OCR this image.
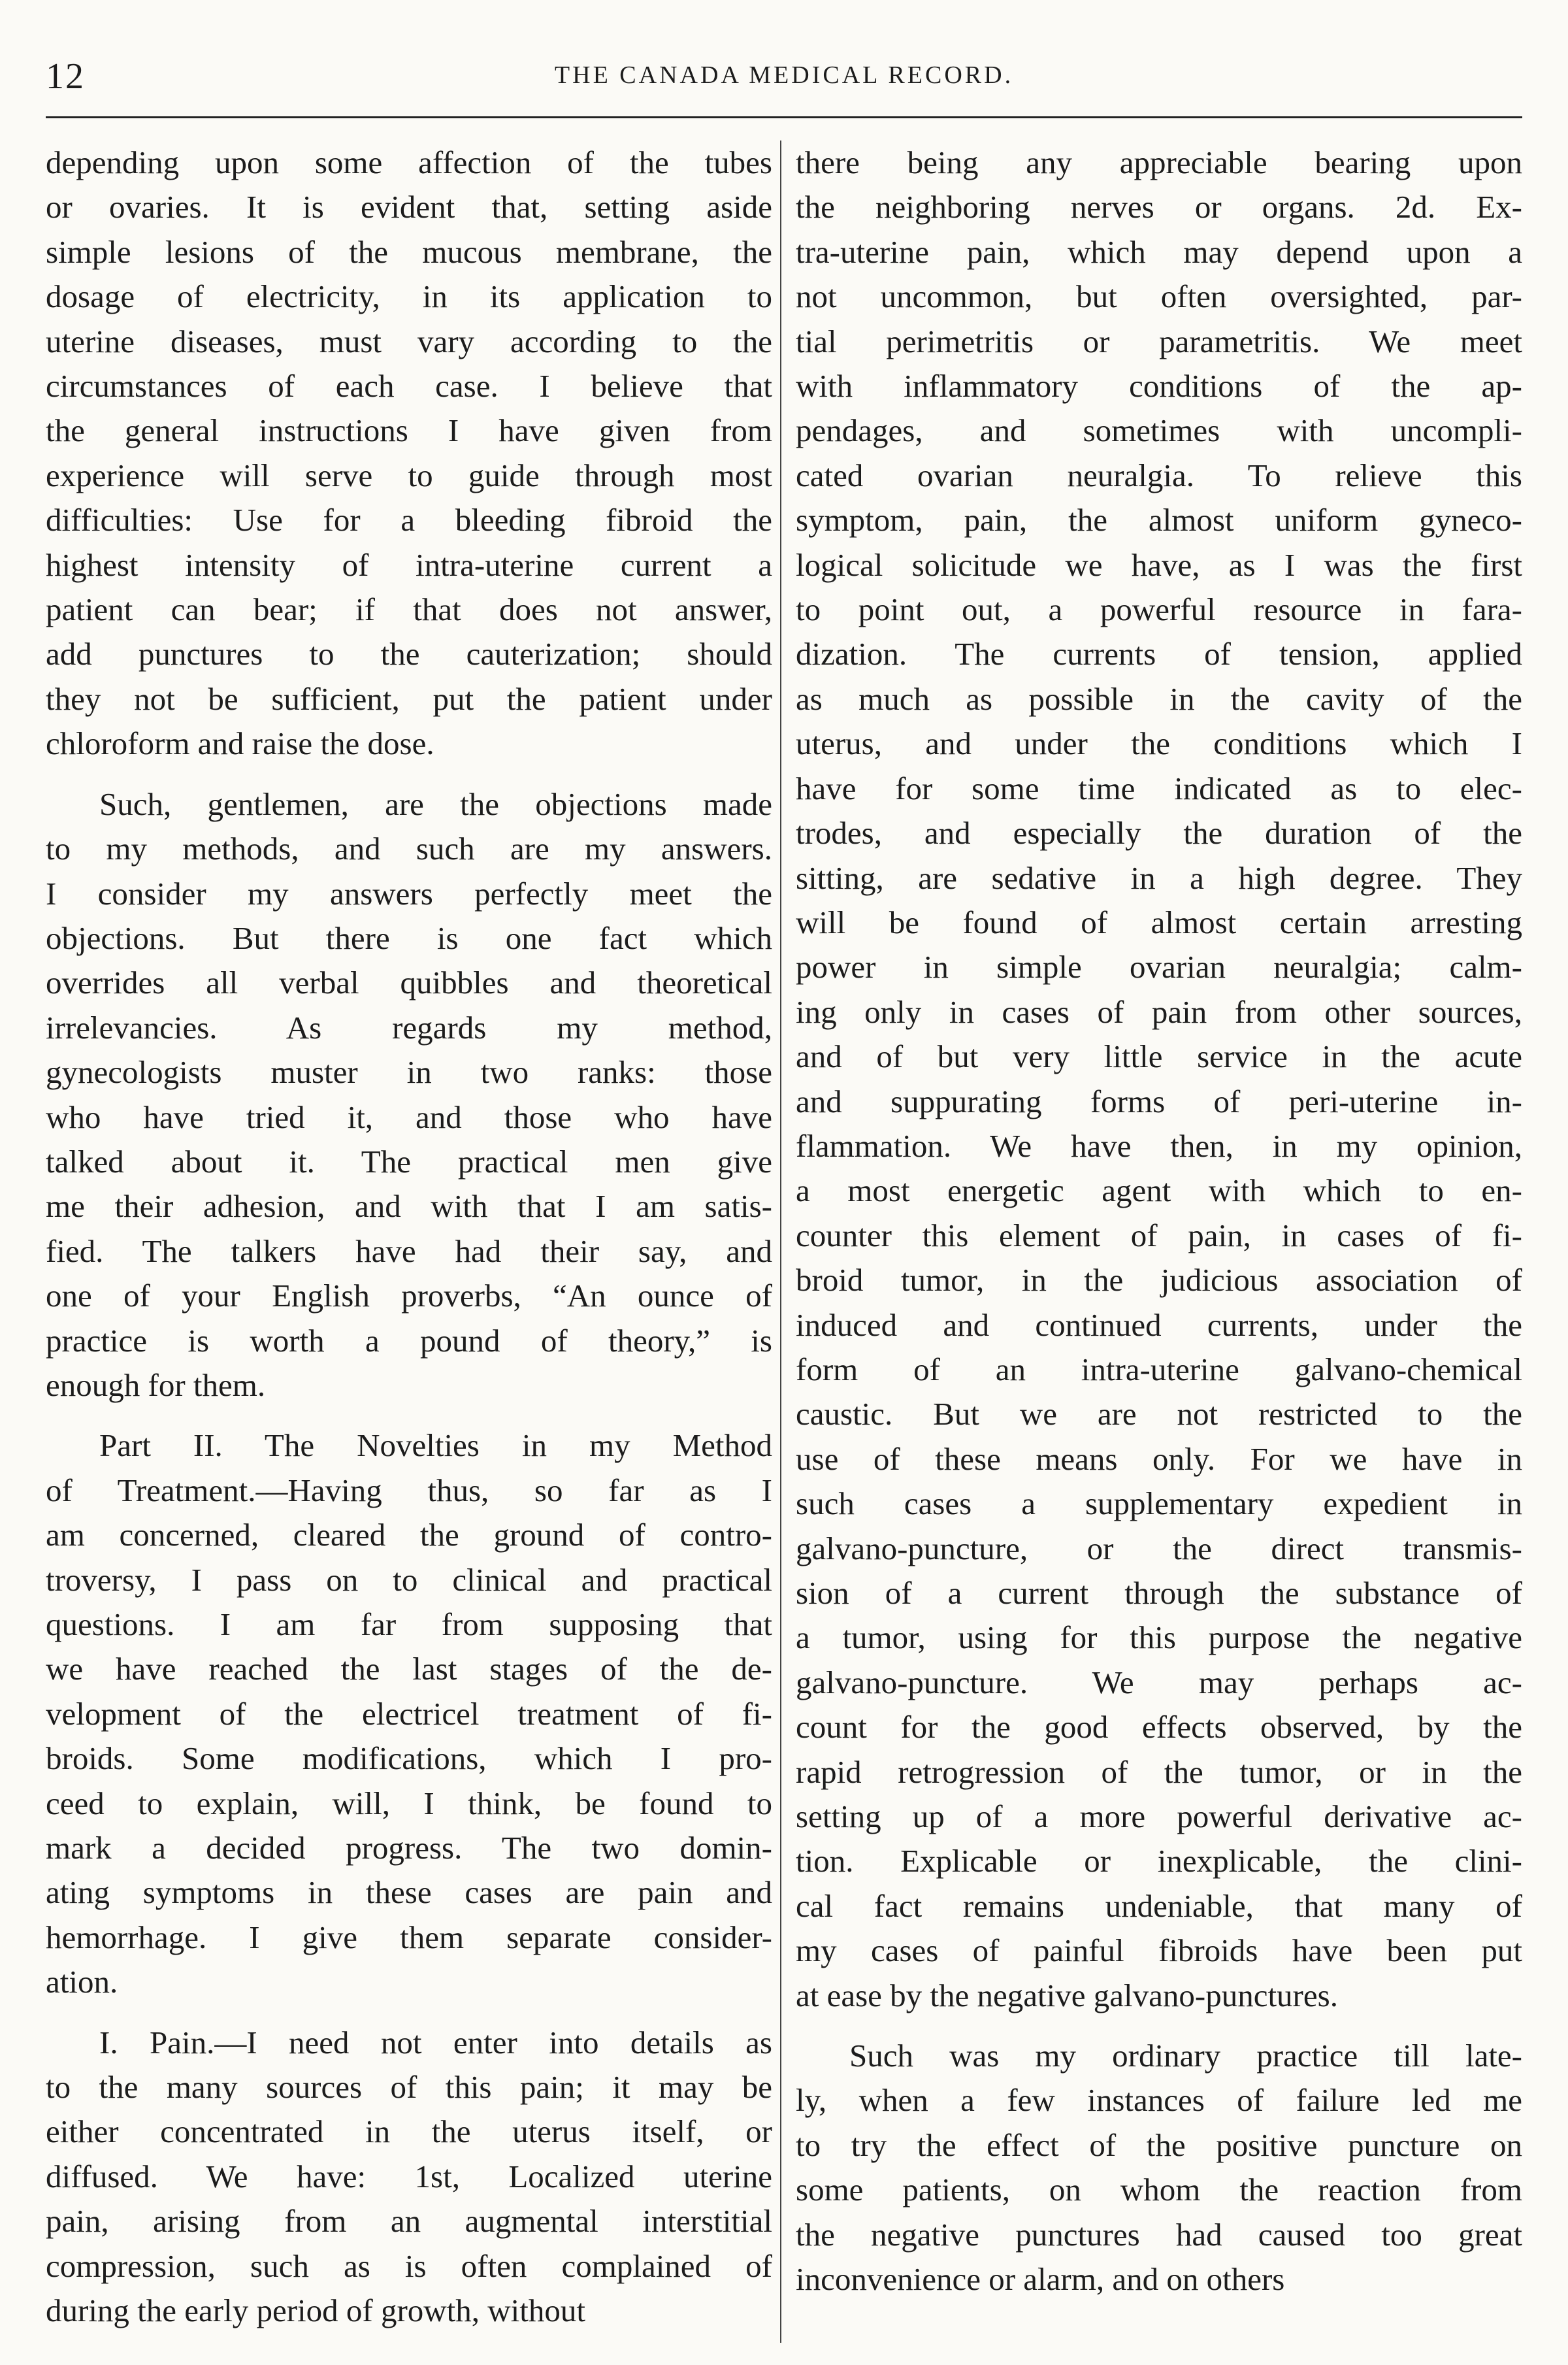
12	THE CANADA MEDICAL RECORD.

depending upon some affection of the tubes
or ovaries. It is evident that, setting aside
simple lesions of the mucous membrane, the
dosage of electricity, in its application to
uterine diseases, must vary according to the
circumstances of each case. I believe that
the general instructions I have given from
experience will serve to guide through most
difficulties: Use for a bleeding fibroid the
highest intensity of intra-uterine current a
patient can bear; if that does not answer,
add punctures to the cauterization; should
they not be sufficient, put the patient under
chloroform and raise the dose.

Such, gentlemen, are the objections made
to my methods, and such are my answers.
I consider my answers perfectly meet the
objections. But there is one fact which
overrides all verbal quibbles and theoretical
irrelevancies. As regards my method,
gynecologists muster in two ranks: those
who have tried it, and those who have
talked about it. The practical men give
me their adhesion, and with that I am satis-
fied. The talkers have had their say, and
one of your English proverbs, “An ounce of
practice is worth a pound of theory,” is
enough for them.

Part II. The Novelties in my Method
of Treatment.—Having thus, so far as I
am concerned, cleared the ground of contro-
troversy, I pass on to clinical and practical
questions. I am far from supposing that
we have reached the last stages of the de-
velopment of the electricel treatment of fi-
broids. Some modifications, which I pro-
ceed to explain, will, I think, be found to
mark a decided progress. The two domin-
ating symptoms in these cases are pain and
hemorrhage. I give them separate consider-
ation.

I. Pain.—I need not enter into details as
to the many sources of this pain; it may be
either concentrated in the uterus itself, or
diffused. We have: 1st, Localized uterine
pain, arising from an augmental interstitial
compression, such as is often complained of
during the early period of growth, without

there being any appreciable bearing upon
the neighboring nerves or organs. 2d. Ex-
tra-uterine pain, which may depend upon a
not uncommon, but often oversighted, par-
tial perimetritis or parametritis. We meet
with inflammatory conditions of the ap-
pendages, and sometimes with uncompli-
cated ovarian neuralgia. To relieve this
symptom, pain, the almost uniform gyneco-
logical solicitude we have, as I was the first
to point out, a powerful resource in fara-
dization. The currents of tension, applied
as much as possible in the cavity of the
uterus, and under the conditions which I
have for some time indicated as to elec-
trodes, and especially the duration of the
sitting, are sedative in a high degree. They
will be found of almost certain arresting
power in simple ovarian neuralgia; calm-
ing only in cases of pain from other sources,
and of but very little service in the acute
and suppurating forms of peri-uterine in-
flammation. We have then, in my opinion,
a most energetic agent with which to en-
counter this element of pain, in cases of fi-
broid tumor, in the judicious association of
induced and continued currents, under the
form of an intra-uterine galvano-chemical
caustic. But we are not restricted to the
use of these means only. For we have in
such cases a supplementary expedient in
galvano-puncture, or the direct transmis-
sion of a current through the substance of
a tumor, using for this purpose the negative
galvano-puncture. We may perhaps ac-
count for the good effects observed, by the
rapid retrogression of the tumor, or in the
setting up of a more powerful derivative ac-
tion. Explicable or inexplicable, the clini-
cal fact remains undeniable, that many of
my cases of painful fibroids have been put
at ease by the negative galvano-punctures.

Such was my ordinary practice till late-
ly, when a few instances of failure led me
to try the effect of the positive puncture on
some patients, on whom the reaction from
the negative punctures had caused too great
inconvenience or alarm, and on others
